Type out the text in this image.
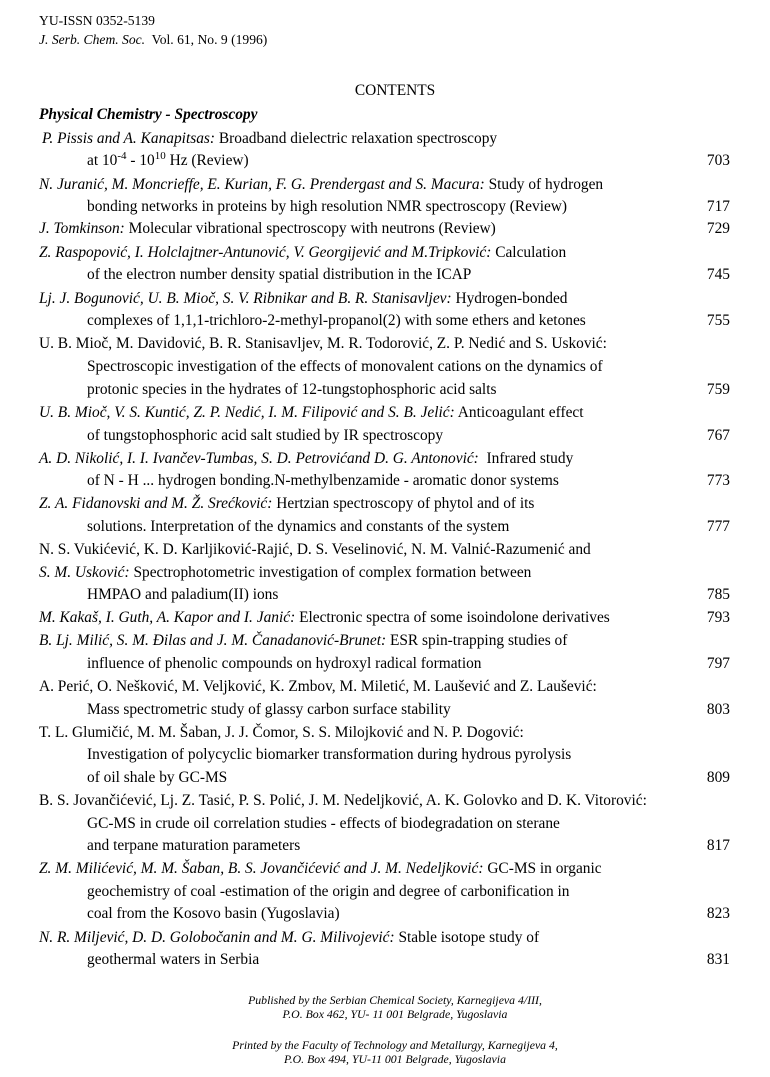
YU-ISSN 0352-5139
J. Serb. Chem. Soc. Vol. 61, No. 9 (1996)
CONTENTS
Physical Chemistry - Spectroscopy
P. Pissis and A. Kanapitsas: Broadband dielectric relaxation spectroscopy
at $10^{-4} - 10^{10}$ Hz (Review)	703
N. Juranić, M. Moncrieffe, E. Kurian, F. G. Prendergast and S. Macura: Study of hydrogen
bonding networks in proteins by high resolution NMR spectroscopy (Review)	717
J. Tomkinson: Molecular vibrational spectroscopy with neutrons (Review)	729
Z. Raspopović, I. Holclajtner-Antunović, V. Georgijević and M.Tripković: Calculation
of the electron number density spatial distribution in the ICAP	745
Lj. J. Bogunović, U. B. Mioč, S. V. Ribnikar and B. R. Stanisavljev: Hydrogen-bonded
complexes of 1,1,1-trichloro-2-methyl-propanol(2) with some ethers and ketones	755
U. B. Mioč, M. Davidović, B. R. Stanisavljev, M. R. Todorović, Z. P. Nedić and S. Usković:
Spectroscopic investigation of the effects of monovalent cations on the dynamics of
protonic species in the hydrates of 12-tungstophosphoric acid salts	759
U. B. Mioč, V. S. Kuntić, Z. P. Nedić, I. M. Filipović and S. B. Jelić: Anticoagulant effect
of tungstophosphoric acid salt studied by IR spectroscopy	767
A. D. Nikolić, I. I. Ivančev-Tumbas, S. D. Petrovićand D. G. Antonović: Infrared study
of N - H ... hydrogen bonding.N-methylbenzamide - aromatic donor systems	773
Z. A. Fidanovski and M. Ž. Srećković: Hertzian spectroscopy of phytol and of its
solutions. Interpretation of the dynamics and constants of the system	777
N. S. Vukićević, K. D. Karljiković-Rajić, D. S. Veselinović, N. M. Valnić-Razumenić and
S. M. Usković: Spectrophotometric investigation of complex formation between
HMPAO and paladium(II) ions	785
M. Kakaš, I. Guth, A. Kapor and I. Janić: Electronic spectra of some isoindolone derivatives	793
B. Lj. Milić, S. M. Đilas and J. M. Čanadanović-Brunet: ESR spin-trapping studies of
influence of phenolic compounds on hydroxyl radical formation	797
A. Perić, O. Nešković, M. Veljković, K. Zmbov, M. Miletić, M. Laušević and Z. Laušević:
Mass spectrometric study of glassy carbon surface stability	803
T. L. Glumičić, M. M. Šaban, J. J. Čomor, S. S. Milojković and N. P. Dogović:
Investigation of polycyclic biomarker transformation during hydrous pyrolysis
of oil shale by GC-MS	809
B. S. Jovančićević, Lj. Z. Tasić, P. S. Polić, J. M. Nedeljković, A. K. Golovko and D. K. Vitorović:
GC-MS in crude oil correlation studies - effects of biodegradation on sterane
and terpane maturation parameters	817
Z. M. Milićević, M. M. Šaban, B. S. Jovančićević and J. M. Nedeljković: GC-MS in organic
geochemistry of coal -estimation of the origin and degree of carbonification in
coal from the Kosovo basin (Yugoslavia)	823
N. R. Miljević, D. D. Golobočanin and M. G. Milivojević: Stable isotope study of
geothermal waters in Serbia	831
Published by the Serbian Chemical Society, Karnegijeva 4/III,
P.O. Box 462, YU- 11 001 Belgrade, Yugoslavia
Printed by the Faculty of Technology and Metallurgy, Karnegijeva 4,
P.O. Box 494, YU-11 001 Belgrade, Yugoslavia
